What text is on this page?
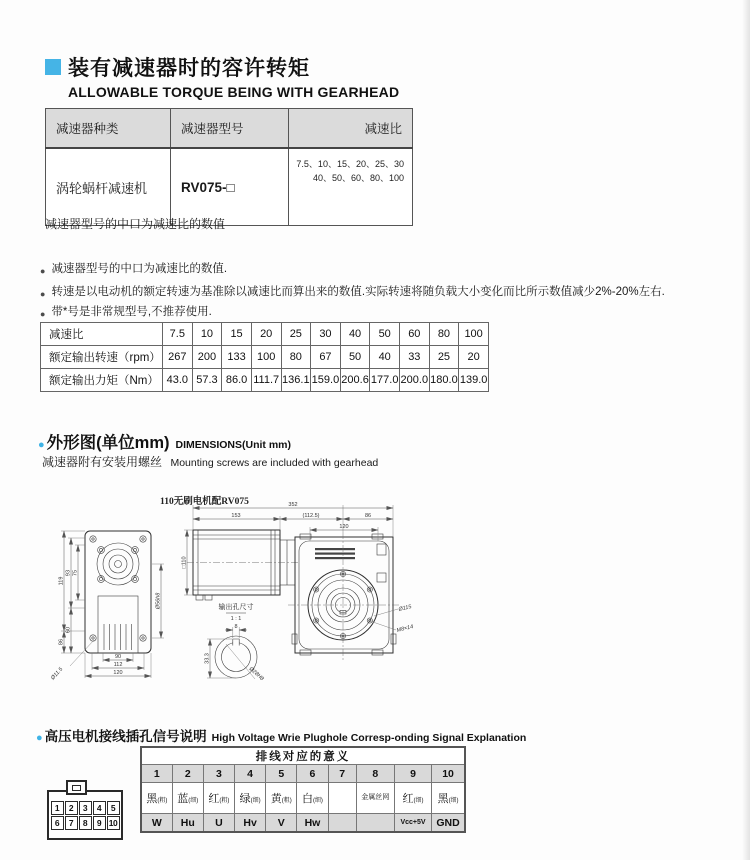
装有减速器时的容许转矩
ALLOWABLE TORQUE BEING WITH GEARHEAD
减速器种类	减速器型号	减速比
涡轮蜗杆减速机	RV075-□	7.5、10、15、20、25、30
40、50、60、80、100
减速器型号的中口为减速比的数值
● 减速器型号的中口为减速比的数值.
● 转速是以电动机的额定转速为基准除以减速比而算出来的数值.实际转速将随负载大小变化而比所示数值减少2%-20%左右.
● 带*号是非常规型号,不推荐使用.
减速比	7.5	10	15	20	25	30	40	50	60	80	100
额定输出转速（rpm）	267	200	133	100	80	67	50	40	33	25	20
额定输出力矩（Nm）	43.0	57.3	86.0	111.7	136.1	159.0	200.6	177.0	200.0	180.0	139.0
● 外形图(单位mm) DIMENSIONS(Unit mm)
减速器附有安装用螺丝 Mounting screws are included with gearhead
110无刷电机配RV075
119
86
93
60
75
Ø56h8
90
112
120
Ø11.5
Ø115
M8×14
352
153	(112.5)	86
120
□110
输出孔尺寸
1 : 1
8
33.3
Ø28H8
● 高压电机接线插孔信号说明 High Voltage Wrie Plughole Corresp-onding Signal Explanation
1	2	3	4	5
6	7	8	9 10
排线对应的意义									
1	2	3	4	5	6	7	8	9	10
黑(粗)	蓝(细)	红(粗)	绿(细)	黄(粗)	白(细)		金属丝网	红(细)	黑(细)
W	Hu	U	Hv	V	Hw			Vcc+5V	GND
